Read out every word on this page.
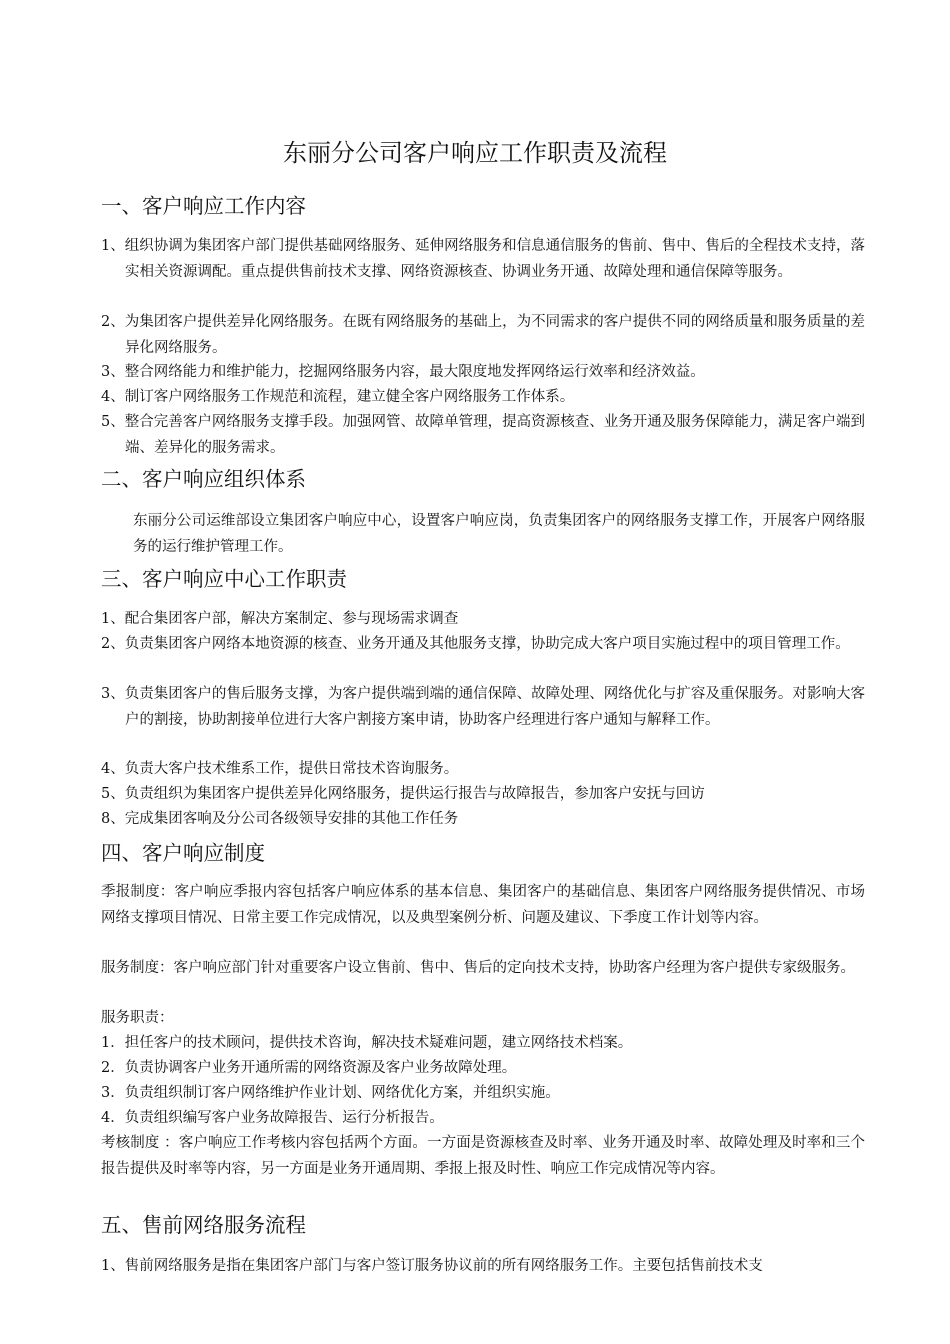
东丽分公司客户响应工作职责及流程
一、客户响应工作内容
1、组织协调为集团客户部门提供基础网络服务、延伸网络服务和信息通信服务的售前、售中、售后的全程技术支持，落实相关资源调配。重点提供售前技术支撑、网络资源核查、协调业务开通、故障处理和通信保障等服务。
2、为集团客户提供差异化网络服务。在既有网络服务的基础上，为不同需求的客户提供不同的网络质量和服务质量的差异化网络服务。
3、整合网络能力和维护能力，挖掘网络服务内容，最大限度地发挥网络运行效率和经济效益。
4、制订客户网络服务工作规范和流程，建立健全客户网络服务工作体系。
5、整合完善客户网络服务支撑手段。加强网管、故障单管理，提高资源核查、业务开通及服务保障能力，满足客户端到端、差异化的服务需求。
二、客户响应组织体系
东丽分公司运维部设立集团客户响应中心，设置客户响应岗，负责集团客户的网络服务支撑工作，开展客户网络服务的运行维护管理工作。
三、客户响应中心工作职责
1、配合集团客户部，解决方案制定、参与现场需求调查
2、负责集团客户网络本地资源的核查、业务开通及其他服务支撑，协助完成大客户项目实施过程中的项目管理工作。
3、负责集团客户的售后服务支撑，为客户提供端到端的通信保障、故障处理、网络优化与扩容及重保服务。对影响大客户的割接，协助割接单位进行大客户割接方案申请，协助客户经理进行客户通知与解释工作。
4、负责大客户技术维系工作，提供日常技术咨询服务。
5、负责组织为集团客户提供差异化网络服务，提供运行报告与故障报告，参加客户安抚与回访
8、完成集团客响及分公司各级领导安排的其他工作任务
四、客户响应制度
季报制度：客户响应季报内容包括客户响应体系的基本信息、集团客户的基础信息、集团客户网络服务提供情况、市场网络支撑项目情况、日常主要工作完成情况，以及典型案例分析、问题及建议、下季度工作计划等内容。
服务制度：客户响应部门针对重要客户设立售前、售中、售后的定向技术支持，协助客户经理为客户提供专家级服务。
服务职责：
1．担任客户的技术顾问，提供技术咨询，解决技术疑难问题，建立网络技术档案。
2．负责协调客户业务开通所需的网络资源及客户业务故障处理。
3．负责组织制订客户网络维护作业计划、网络优化方案，并组织实施。
4．负责组织编写客户业务故障报告、运行分析报告。
考核制度 ：客户响应工作考核内容包括两个方面。一方面是资源核查及时率、业务开通及时率、故障处理及时率和三个报告提供及时率等内容，另一方面是业务开通周期、季报上报及时性、响应工作完成情况等内容。
五、售前网络服务流程
1、售前网络服务是指在集团客户部门与客户签订服务协议前的所有网络服务工作。主要包括售前技术支
